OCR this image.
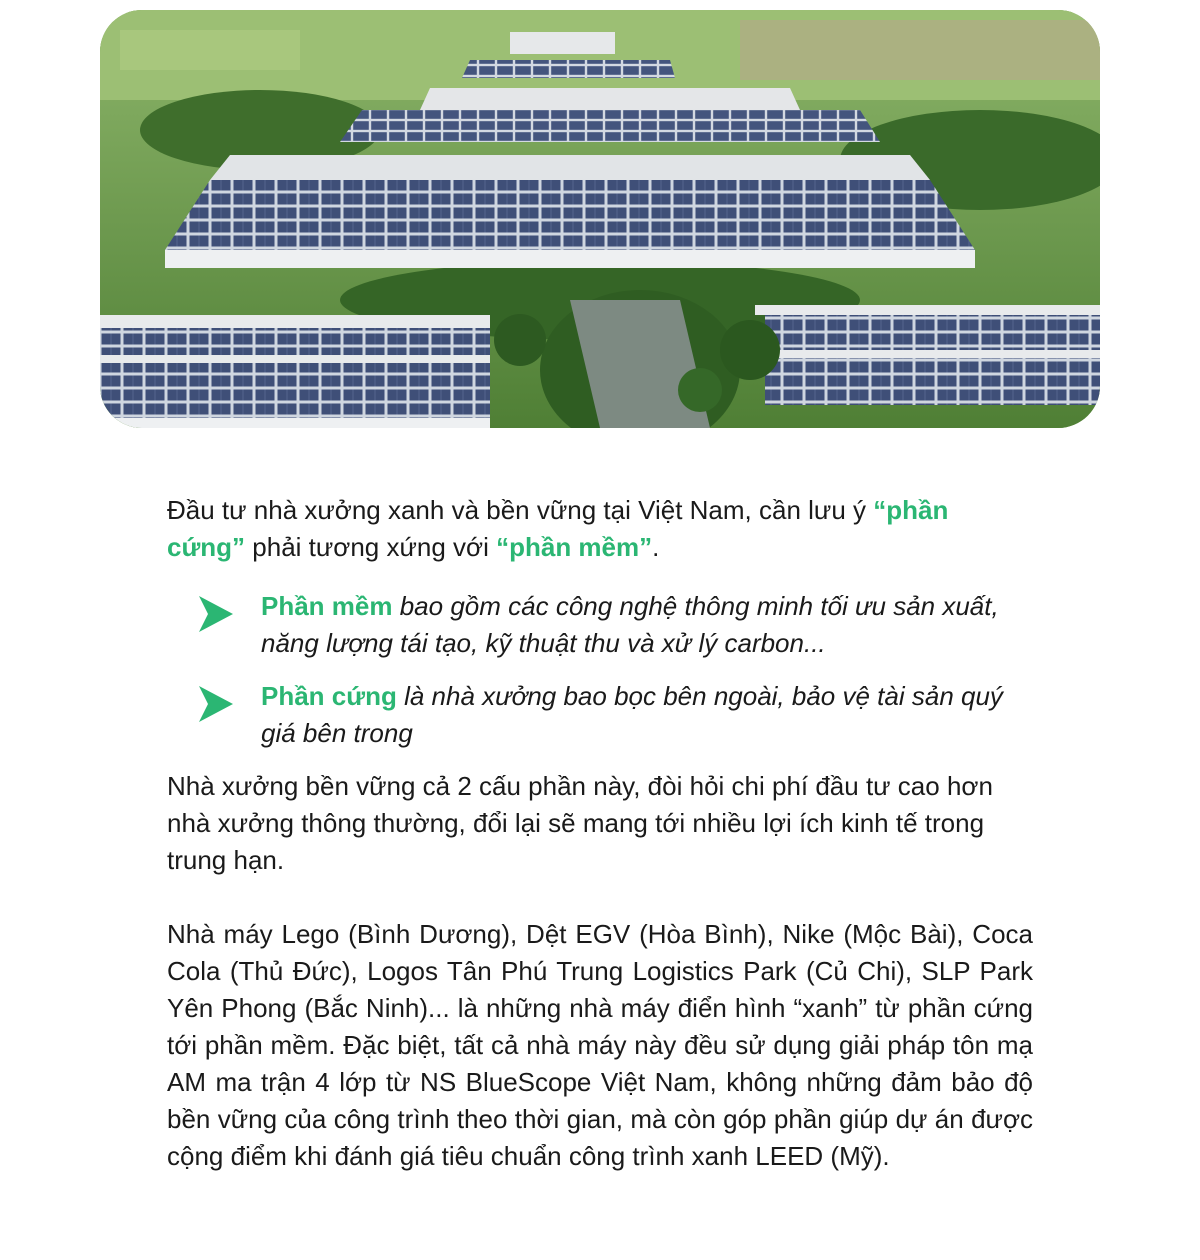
Đầu tư nhà xưởng xanh và bền vững tại Việt Nam, cần lưu ý “phần cứng” phải tương xứng với “phần mềm”.

Phần mềm bao gồm các công nghệ thông minh tối ưu sản xuất, năng lượng tái tạo, kỹ thuật thu và xử lý carbon...
Phần cứng là nhà xưởng bao bọc bên ngoài, bảo vệ tài sản quý giá bên trong

Nhà xưởng bền vững cả 2 cấu phần này, đòi hỏi chi phí đầu tư cao hơn nhà xưởng thông thường, đổi lại sẽ mang tới nhiều lợi ích kinh tế trong trung hạn.

Nhà máy Lego (Bình Dương), Dệt EGV (Hòa Bình), Nike (Mộc Bài), Coca Cola (Thủ Đức), Logos Tân Phú Trung Logistics Park (Củ Chi), SLP Park Yên Phong (Bắc Ninh)... là những nhà máy điển hình “xanh” từ phần cứng tới phần mềm. Đặc biệt, tất cả nhà máy này đều sử dụng giải pháp tôn mạ AM ma trận 4 lớp từ NS BlueScope Việt Nam, không những đảm bảo độ bền vững của công trình theo thời gian, mà còn góp phần giúp dự án được cộng điểm khi đánh giá tiêu chuẩn công trình xanh LEED (Mỹ).
